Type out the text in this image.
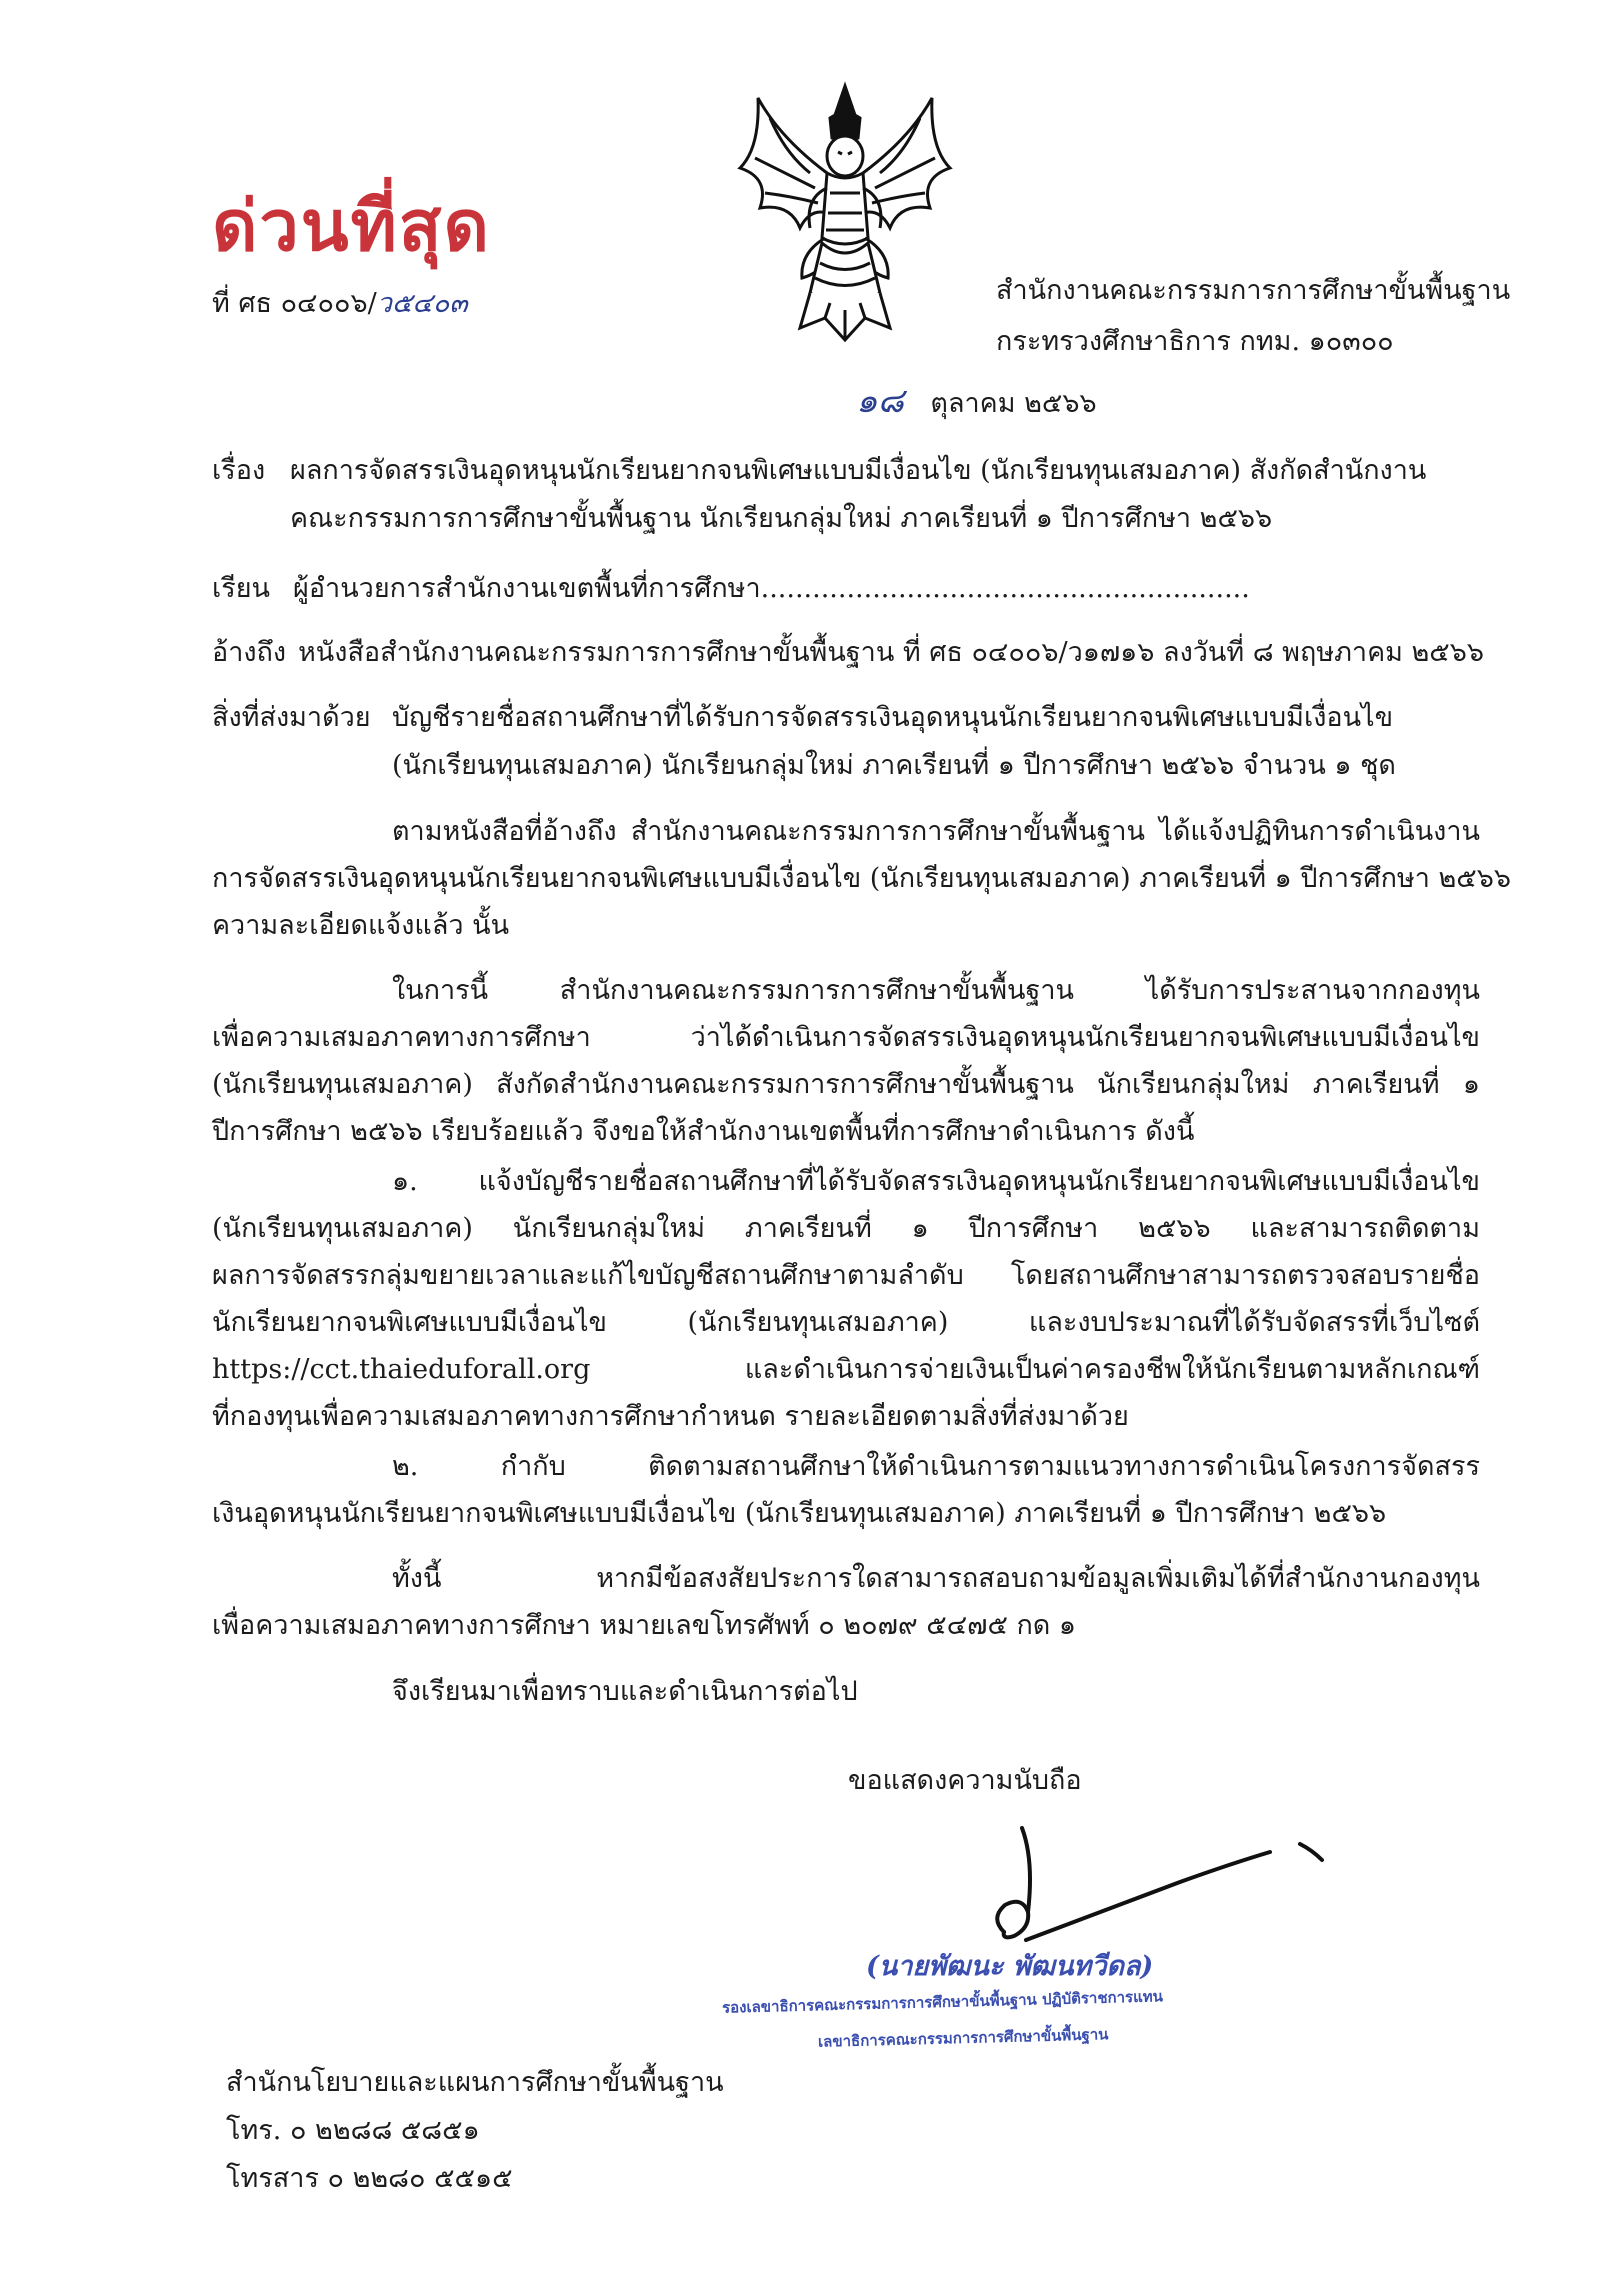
ด่วนที่สุด
ที่ ศธ ๐๔๐๐๖/ว๕๔๐๓	สำนักงานคณะกรรมการการศึกษาขั้นพื้นฐาน
กระทรวงศึกษาธิการ กทม. ๑๐๓๐๐
๑๘ ตุลาคม ๒๕๖๖
เรื่อง ผลการจัดสรรเงินอุดหนุนนักเรียนยากจนพิเศษแบบมีเงื่อนไข (นักเรียนทุนเสมอภาค) สังกัดสำนักงาน
คณะกรรมการการศึกษาขั้นพื้นฐาน นักเรียนกลุ่มใหม่ ภาคเรียนที่ ๑ ปีการศึกษา ๒๕๖๖
เรียน ผู้อำนวยการสำนักงานเขตพื้นที่การศึกษา.........................................................
อ้างถึง หนังสือสำนักงานคณะกรรมการการศึกษาขั้นพื้นฐาน ที่ ศธ ๐๔๐๐๖/ว๑๗๑๖ ลงวันที่ ๘ พฤษภาคม ๒๕๖๖
สิ่งที่ส่งมาด้วย บัญชีรายชื่อสถานศึกษาที่ได้รับการจัดสรรเงินอุดหนุนนักเรียนยากจนพิเศษแบบมีเงื่อนไข
(นักเรียนทุนเสมอภาค) นักเรียนกลุ่มใหม่ ภาคเรียนที่ ๑ ปีการศึกษา ๒๕๖๖ จำนวน ๑ ชุด
ตามหนังสือที่อ้างถึง สำนักงานคณะกรรมการการศึกษาขั้นพื้นฐาน ได้แจ้งปฏิทินการดำเนินงาน
การจัดสรรเงินอุดหนุนนักเรียนยากจนพิเศษแบบมีเงื่อนไข (นักเรียนทุนเสมอภาค) ภาคเรียนที่ ๑ ปีการศึกษา ๒๕๖๖
ความละเอียดแจ้งแล้ว นั้น
ในการนี้ สำนักงานคณะกรรมการการศึกษาขั้นพื้นฐาน ได้รับการประสานจากกองทุน
เพื่อความเสมอภาคทางการศึกษา ว่าได้ดำเนินการจัดสรรเงินอุดหนุนนักเรียนยากจนพิเศษแบบมีเงื่อนไข
(นักเรียนทุนเสมอภาค) สังกัดสำนักงานคณะกรรมการการศึกษาขั้นพื้นฐาน นักเรียนกลุ่มใหม่ ภาคเรียนที่ ๑
ปีการศึกษา ๒๕๖๖ เรียบร้อยแล้ว จึงขอให้สำนักงานเขตพื้นที่การศึกษาดำเนินการ ดังนี้
๑. แจ้งบัญชีรายชื่อสถานศึกษาที่ได้รับจัดสรรเงินอุดหนุนนักเรียนยากจนพิเศษแบบมีเงื่อนไข
(นักเรียนทุนเสมอภาค) นักเรียนกลุ่มใหม่ ภาคเรียนที่ ๑ ปีการศึกษา ๒๕๖๖ และสามารถติดตาม
ผลการจัดสรรกลุ่มขยายเวลาและแก้ไขบัญชีสถานศึกษาตามลำดับ โดยสถานศึกษาสามารถตรวจสอบรายชื่อ
นักเรียนยากจนพิเศษแบบมีเงื่อนไข (นักเรียนทุนเสมอภาค) และงบประมาณที่ได้รับจัดสรรที่เว็บไซต์
https://cct.thaieduforall.org และดำเนินการจ่ายเงินเป็นค่าครองชีพให้นักเรียนตามหลักเกณฑ์
ที่กองทุนเพื่อความเสมอภาคทางการศึกษากำหนด รายละเอียดตามสิ่งที่ส่งมาด้วย
๒. กำกับ ติดตามสถานศึกษาให้ดำเนินการตามแนวทางการดำเนินโครงการจัดสรร
เงินอุดหนุนนักเรียนยากจนพิเศษแบบมีเงื่อนไข (นักเรียนทุนเสมอภาค) ภาคเรียนที่ ๑ ปีการศึกษา ๒๕๖๖
ทั้งนี้ หากมีข้อสงสัยประการใดสามารถสอบถามข้อมูลเพิ่มเติมได้ที่สำนักงานกองทุน
เพื่อความเสมอภาคทางการศึกษา หมายเลขโทรศัพท์ ๐ ๒๐๗๙ ๕๔๗๕ กด ๑
จึงเรียนมาเพื่อทราบและดำเนินการต่อไป
ขอแสดงความนับถือ
(นายพัฒนะ พัฒนทวีดล)
รองเลขาธิการคณะกรรมการการศึกษาขั้นพื้นฐาน ปฏิบัติราชการแทน
เลขาธิการคณะกรรมการการศึกษาขั้นพื้นฐาน
สำนักนโยบายและแผนการศึกษาขั้นพื้นฐาน
โทร. ๐ ๒๒๘๘ ๕๘๕๑
โทรสาร ๐ ๒๒๘๐ ๕๕๑๕
